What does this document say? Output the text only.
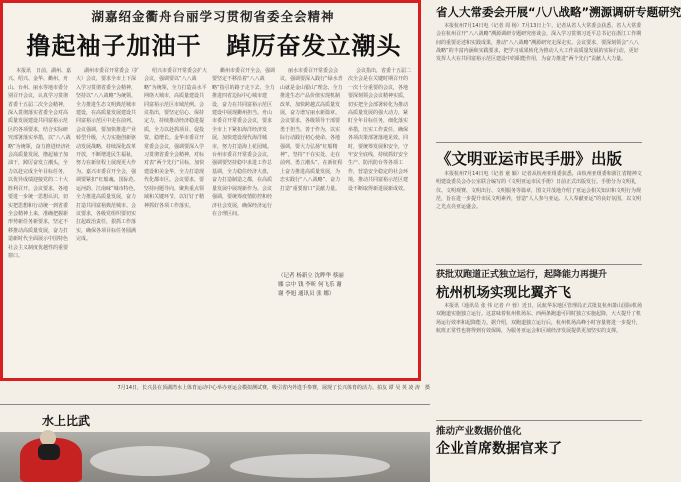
湖嘉绍金衢舟台丽学习贯彻省委全会精神
撸起袖子加油干　踔厉奋发立潮头

本报讯　日前，湖州、嘉兴、绍兴、金华、衢州、舟山、台州、丽水等地市委分别召开会议，认真学习贯彻省委十五届二次全会精神，深入贯彻落实省委全会对高质量发展建设共同富裕示范区的各项要求，结合实际研究部署落实举措，以“八八战略”为统领，奋力推进经济社会高质量发展，撸起袖子加油干，踔厉奋发立潮头，全力以赴完成全年目标任务，以优异成绩迎接党的二十大胜利召开。会议要求，各地要进一步统一思想认识，切实把思想和行动统一到省委全会精神上来，准确把握新形势新任务新要求，坚定不移推动高质量发展，奋力打造新时代全面展示中国特色社会主义制度优越性的重要窗口。

湖州市委召开常委会（扩大）会议，要求全市上下深入学习贯彻省委全会精神，坚持以“八八战略”为统领，全力推进生态文明典范城市建设，在高质量发展建设共同富裕示范区中走在前列。会议强调，要加快推进产业转型升级，大力实施创新驱动发展战略，持续深化改革开放，不断增进民生福祉，努力在新征程上展现更大作为。嘉兴市委召开全会，强调要紧扣“红船魂、国际范、运河韵、江南味”城市特色，全力推进高质量发展，奋力打造共同富裕典范城市。会议要求，各级党组织要切实扛起政治责任，狠抓工作落实，确保各项目标任务圆满完成。

绍兴市委召开常委会扩大会议，强调要以“八八战略”为统领，全力打造高水平网络大城市，高质量建设共同富裕示范区市域范例。会议指出，要坚定信心、保持定力，持续推动经济稳进提质，全力以赴抓项目、促投资、稳增长。金华市委召开常委会会议，强调要深入学习贯彻省委全会精神，对标对表“两个先行”目标，加快建设和美金华，全力打造现代化都市区。会议要求，要坚持问题导向，聚焦重点领域和关键环节，以钉钉子精神抓好各项工作落实。

衢州市委召开全会，强调要坚定不移沿着“八八战略”指引的路子走下去，全力推进四省边际中心城市建设，奋力在共同富裕示范区建设中展现衢州担当。舟山市委召开常委会会议，要求全市上下紧扣海洋经济发展，加快建设现代海洋城市，努力打造海上花园城。台州市委召开常委会会议，强调要坚持稳中求进工作总基调，全力稳住经济大盘，奋力打造制造之都，在高质量发展中展现新作为。会议强调，要统筹疫情防控和经济社会发展，确保经济运行在合理区间。

丽水市委召开常委会会议，强调要深入践行“绿水青山就是金山银山”理念，全力推进生态产品价值实现机制改革，加快跨越式高质量发展，奋力谱写丽水新篇章。会议要求，各级领导干部要勇于担当、善于作为，以实际行动践行初心使命。各地强调，要大力弘扬“红船精神”，坚持“干在实处、走在前列、勇立潮头”，在新征程上奋力推进高质量发展，为忠实践行“八八战略”、奋力打造“重要窗口”贡献力量。

会议指出，省委十五届二次全会是在关键时期召开的一次十分重要的会议，各地要深刻领会会议精神实质，切实把全会部署转化为推动高质量发展的强大动力，紧盯全年目标任务，细化落实举措，压实工作责任，确保各项决策部署落地见效。同时，要统筹发展和安全，守牢安全底线，持续抓好安全生产、防汛防台等各项工作，营造安全稳定的社会环境，推动共同富裕示范区建设不断取得新进展新成效。

（记者 杨新立 沈晔华 蔡丽娜 宗中 钱 李昕 何飞乐 谢 谢 李旭 通讯员 张 娜）
省人大常委会开展“八八战略”溯源调研专题研究

本报杭州7月14日电（记者 周 杨）7月13日上午，记者从省人大常委会获悉，省人大常委会在杭州召开“八八战略”溯源调研专题研究座谈会，深入学习贯彻习近平总书记在浙江工作期间的重要论述和实践成果，推动“八八战略”溯源研究走深走实。会议要求，要深刻领会“八八战略”的丰富内涵和实践要求，把学习成果转化为推动人大工作高质量发展的实际行动，更好发挥人大在共同富裕示范区建设中的职能作用，为奋力推进“两个先行”贡献人大力量。

《文明亚运市民手册》出版

本报杭州7月14日电（记者 童 颖）记者从杭州亚组委获悉，由杭州亚组委和浙江省精神文明建设委员会办公室联合编写的《文明亚运市民手册》日前正式出版发行。手册分为文明礼仪、文明观赛、文明出行、文明服务等篇章，图文并茂地介绍了亚运会相关知识和文明行为规范，旨在进一步提升市民文明素养，营造“人人参与亚运、人人奉献亚运”的良好氛围，以文明之光点亮亚运盛会。

获批双跑道正式独立运行，起降能力再提升
杭州机场实现比翼齐飞

本报讯（通讯员 张 伟 记者 卢 蓉）近日，民航华东地区管理局正式批复杭州萧山国际机场双跑道实施独立运行。这意味着杭州机场东、西两条跑道可同时独立实施起降，大大提升了机场运行效率和起降能力。据介绍，双跑道独立运行后，杭州机场高峰小时容量将进一步提升，航班正常性也将得到有效保障，为服务亚运会和区域经济发展提供更加坚实的支撑。

推动产业数据价值化
企业首席数据官来了
7月14日，长兴县在顶湖湾水上体育运动中心举办亚运会模拟测试赛，吸引省内外选手参赛，展现了长兴体育的活力。拍友 谭 吴 英 凌 涛　摄
水上比武
